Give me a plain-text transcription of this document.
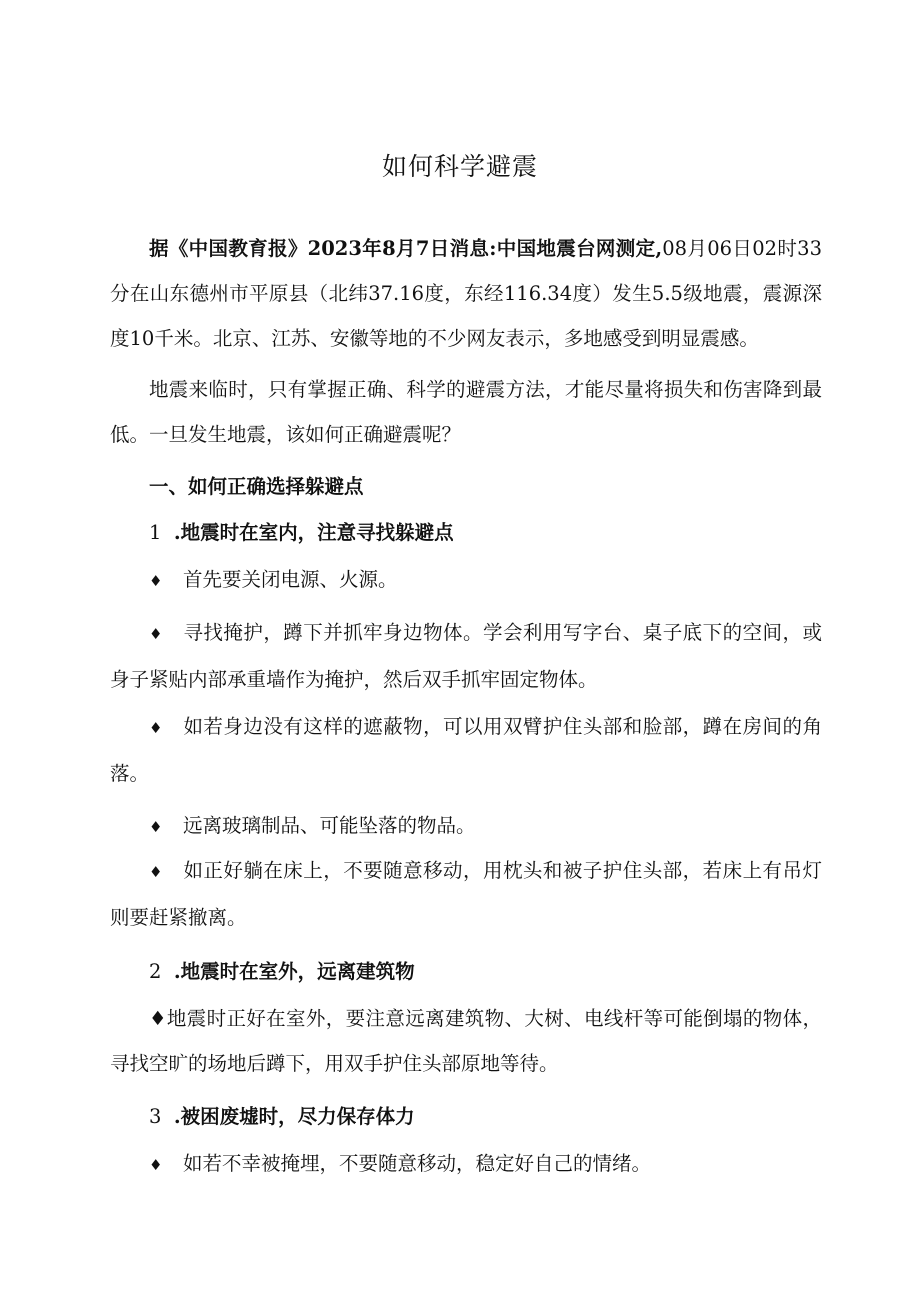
如何科学避震

据《中国教育报》2023年8月7日消息:中国地震台网测定,08月06日02时33分在山东德州市平原县（北纬37.16度，东经116.34度）发生5.5级地震，震源深度10千米。北京、江苏、安徽等地的不少网友表示，多地感受到明显震感。

地震来临时，只有掌握正确、科学的避震方法，才能尽量将损失和伤害降到最低。一旦发生地震，该如何正确避震呢？

一、如何正确选择躲避点

1 .地震时在室内，注意寻找躲避点

♦ 首先要关闭电源、火源。

♦ 寻找掩护，蹲下并抓牢身边物体。学会利用写字台、桌子底下的空间，或身子紧贴内部承重墙作为掩护，然后双手抓牢固定物体。

♦ 如若身边没有这样的遮蔽物，可以用双臂护住头部和脸部，蹲在房间的角落。

♦ 远离玻璃制品、可能坠落的物品。

♦ 如正好躺在床上，不要随意移动，用枕头和被子护住头部，若床上有吊灯则要赶紧撤离。

2 .地震时在室外，远离建筑物

♦地震时正好在室外，要注意远离建筑物、大树、电线杆等可能倒塌的物体，寻找空旷的场地后蹲下，用双手护住头部原地等待。

3 .被困废墟时，尽力保存体力

♦ 如若不幸被掩埋，不要随意移动，稳定好自己的情绪。
